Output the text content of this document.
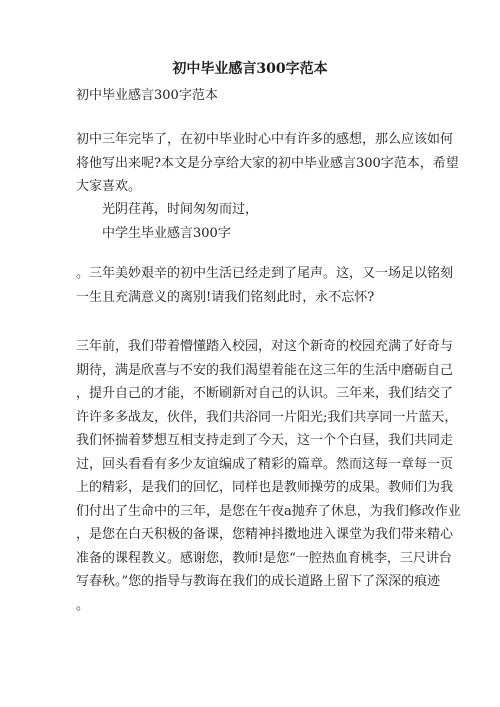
初中毕业感言300字范本
初中毕业感言300字范本
初中三年完毕了，在初中毕业时心中有许多的感想，那么应该如何
将他写出来呢?本文是分享给大家的初中毕业感言300字范本，希望
大家喜欢。
光阴荏苒，时间匆匆而过，
中学生毕业感言300字
。三年美妙艰辛的初中生活已经走到了尾声。这，又一场足以铭刻
一生且充满意义的离别!请我们铭刻此时，永不忘怀?
三年前，我们带着懵懂踏入校园，对这个新奇的校园充满了好奇与
期待，满是欣喜与不安的我们渴望着能在这三年的生活中磨砺自己
，提升自己的才能，不断刷新对自己的认识。三年来，我们结交了
许许多多战友，伙伴，我们共浴同一片阳光;我们共享同一片蓝天，
我们怀揣着梦想互相支持走到了今天，这一个个白昼，我们共同走
过，回头看看有多少友谊编成了精彩的篇章。然而这每一章每一页
上的精彩，是我们的回忆，同样也是教师操劳的成果。教师们为我
们付出了生命中的三年，是您在午夜a抛弃了休息，为我们修改作业
，是您在白天积极的备课，您精神抖擞地进入课堂为我们带来精心
准备的课程教义。感谢您，教师!是您“一腔热血育桃李，三尺讲台
写春秋。”您的指导与教诲在我们的成长道路上留下了深深的痕迹
。
